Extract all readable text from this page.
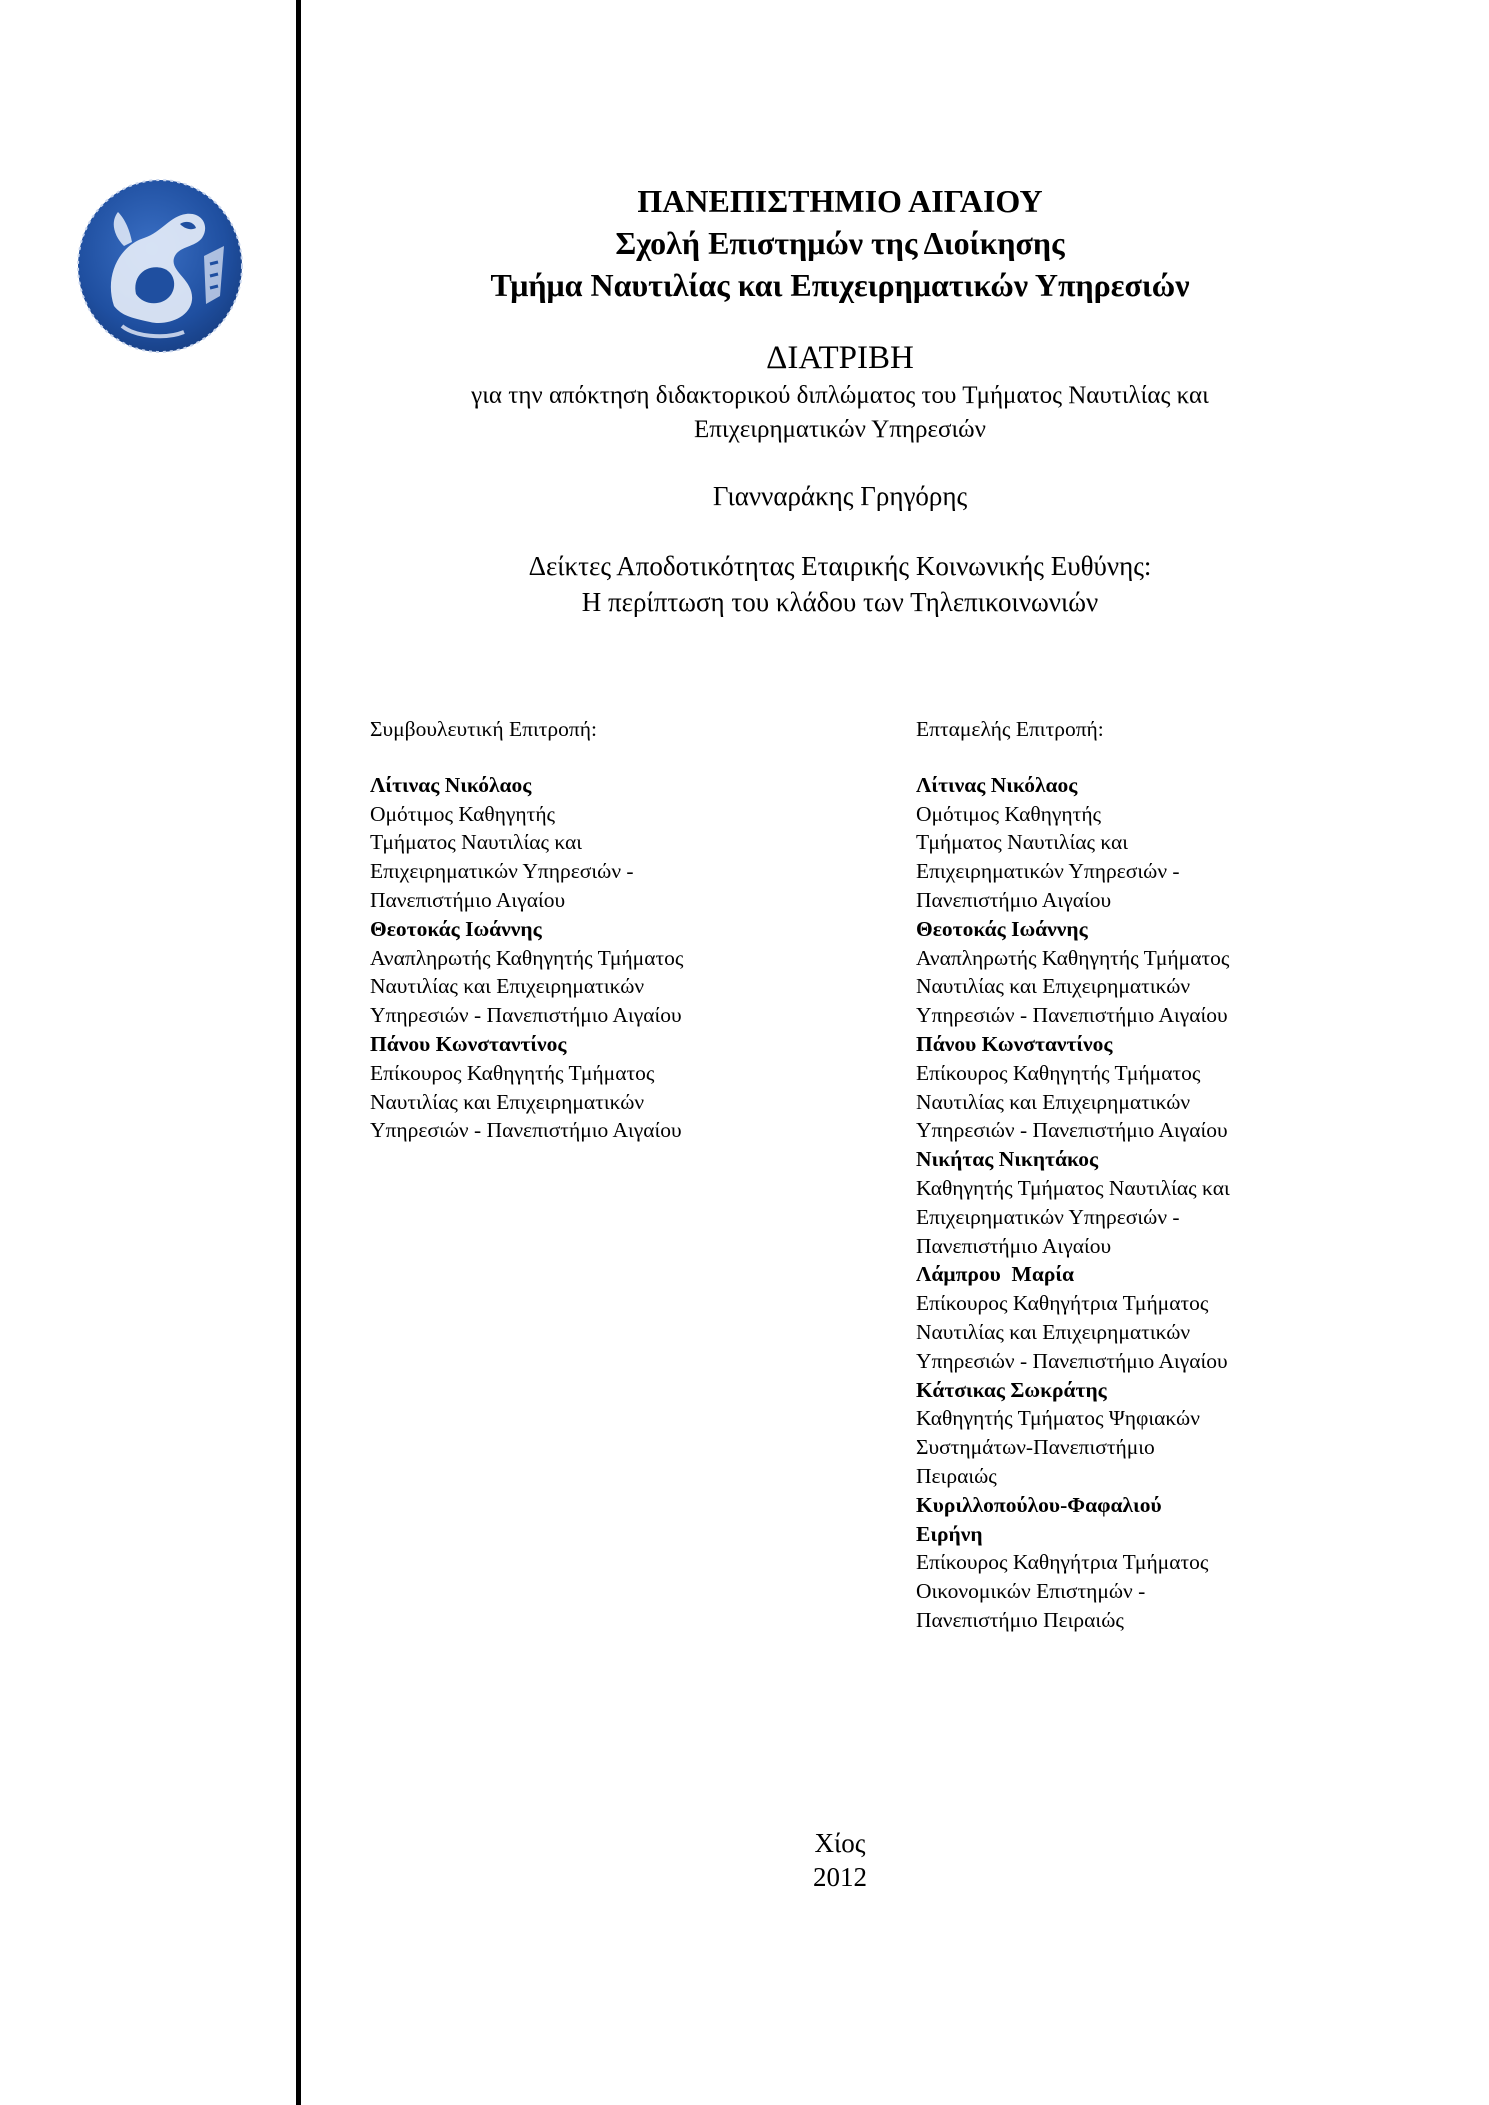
ΠΑΝΕΠΙΣΤΗΜΙΟ ΑΙΓΑΙΟΥ
Σχολή Επιστημών της Διοίκησης
Τμήμα Ναυτιλίας και Επιχειρηματικών Υπηρεσιών
ΔΙΑΤΡΙΒΗ
για την απόκτηση διδακτορικού διπλώματος του Τμήματος Ναυτιλίας και
Επιχειρηματικών Υπηρεσιών
Γιανναράκης Γρηγόρης
Δείκτες Αποδοτικότητας Εταιρικής Κοινωνικής Ευθύνης:
Η περίπτωση του κλάδου των Τηλεπικοινωνιών
Συμβουλευτική Επιτροπή:
Λίτινας Νικόλαος
Ομότιμος Καθηγητής
Τμήματος Ναυτιλίας και
Επιχειρηματικών Υπηρεσιών -
Πανεπιστήμιο Αιγαίου
Θεοτοκάς Ιωάννης
Αναπληρωτής Καθηγητής Τμήματος
Ναυτιλίας και Επιχειρηματικών
Υπηρεσιών - Πανεπιστήμιο Αιγαίου
Πάνου Κωνσταντίνος
Επίκουρος Καθηγητής Τμήματος
Ναυτιλίας και Επιχειρηματικών
Υπηρεσιών - Πανεπιστήμιο Αιγαίου
Επταμελής Επιτροπή:
Λίτινας Νικόλαος
Ομότιμος Καθηγητής
Τμήματος Ναυτιλίας και
Επιχειρηματικών Υπηρεσιών -
Πανεπιστήμιο Αιγαίου
Θεοτοκάς Ιωάννης
Αναπληρωτής Καθηγητής Τμήματος
Ναυτιλίας και Επιχειρηματικών
Υπηρεσιών - Πανεπιστήμιο Αιγαίου
Πάνου Κωνσταντίνος
Επίκουρος Καθηγητής Τμήματος
Ναυτιλίας και Επιχειρηματικών
Υπηρεσιών - Πανεπιστήμιο Αιγαίου
Νικήτας Νικητάκος
Καθηγητής Τμήματος Ναυτιλίας και
Επιχειρηματικών Υπηρεσιών -
Πανεπιστήμιο Αιγαίου
Λάμπρου  Μαρία
Επίκουρος Καθηγήτρια Τμήματος
Ναυτιλίας και Επιχειρηματικών
Υπηρεσιών - Πανεπιστήμιο Αιγαίου
Κάτσικας Σωκράτης
Καθηγητής Τμήματος Ψηφιακών
Συστημάτων-Πανεπιστήμιο
Πειραιώς
Κυριλλοπούλου-Φαφαλιού
Ειρήνη
Επίκουρος Καθηγήτρια Τμήματος
Οικονομικών Επιστημών -
Πανεπιστήμιο Πειραιώς
Χίος
2012
